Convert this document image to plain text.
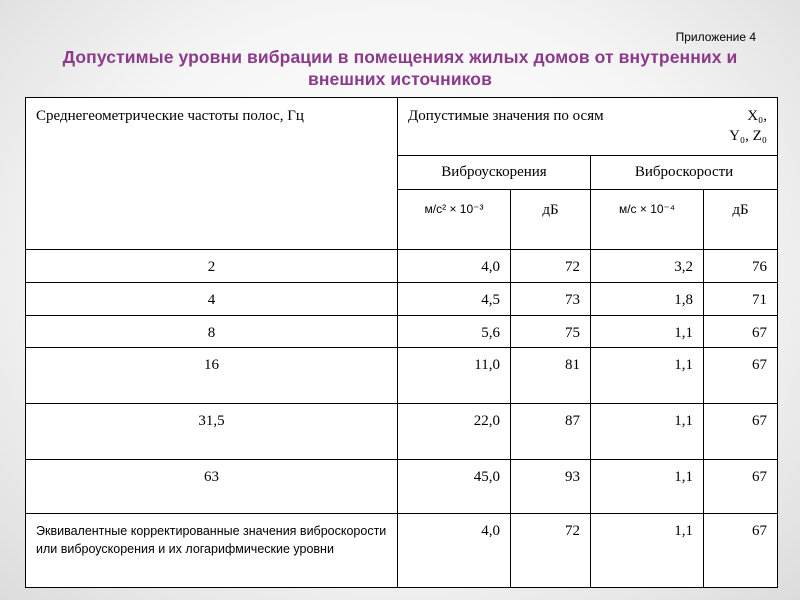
Приложение 4
Допустимые уровни вибрации в помещениях жилых домов от внутренних и внешних источников
Среднегеометрические частоты полос, Гц	Допустимые значения по осям X₀,
Y₀, Z₀			

	Виброускорения		Виброскорости	
	м/с² × 10⁻³	дБ	м/с × 10⁻⁴	дБ
2	4,0	72	3,2	76
4	4,5	73	1,8	71
8	5,6	75	1,1	67
16	11,0	81	1,1	67
31,5	22,0	87	1,1	67
63	45,0	93	1,1	67
Эквивалентные корректированные значения виброскорости или виброускорения и их логарифмические уровни	4,0	72	1,1	67
